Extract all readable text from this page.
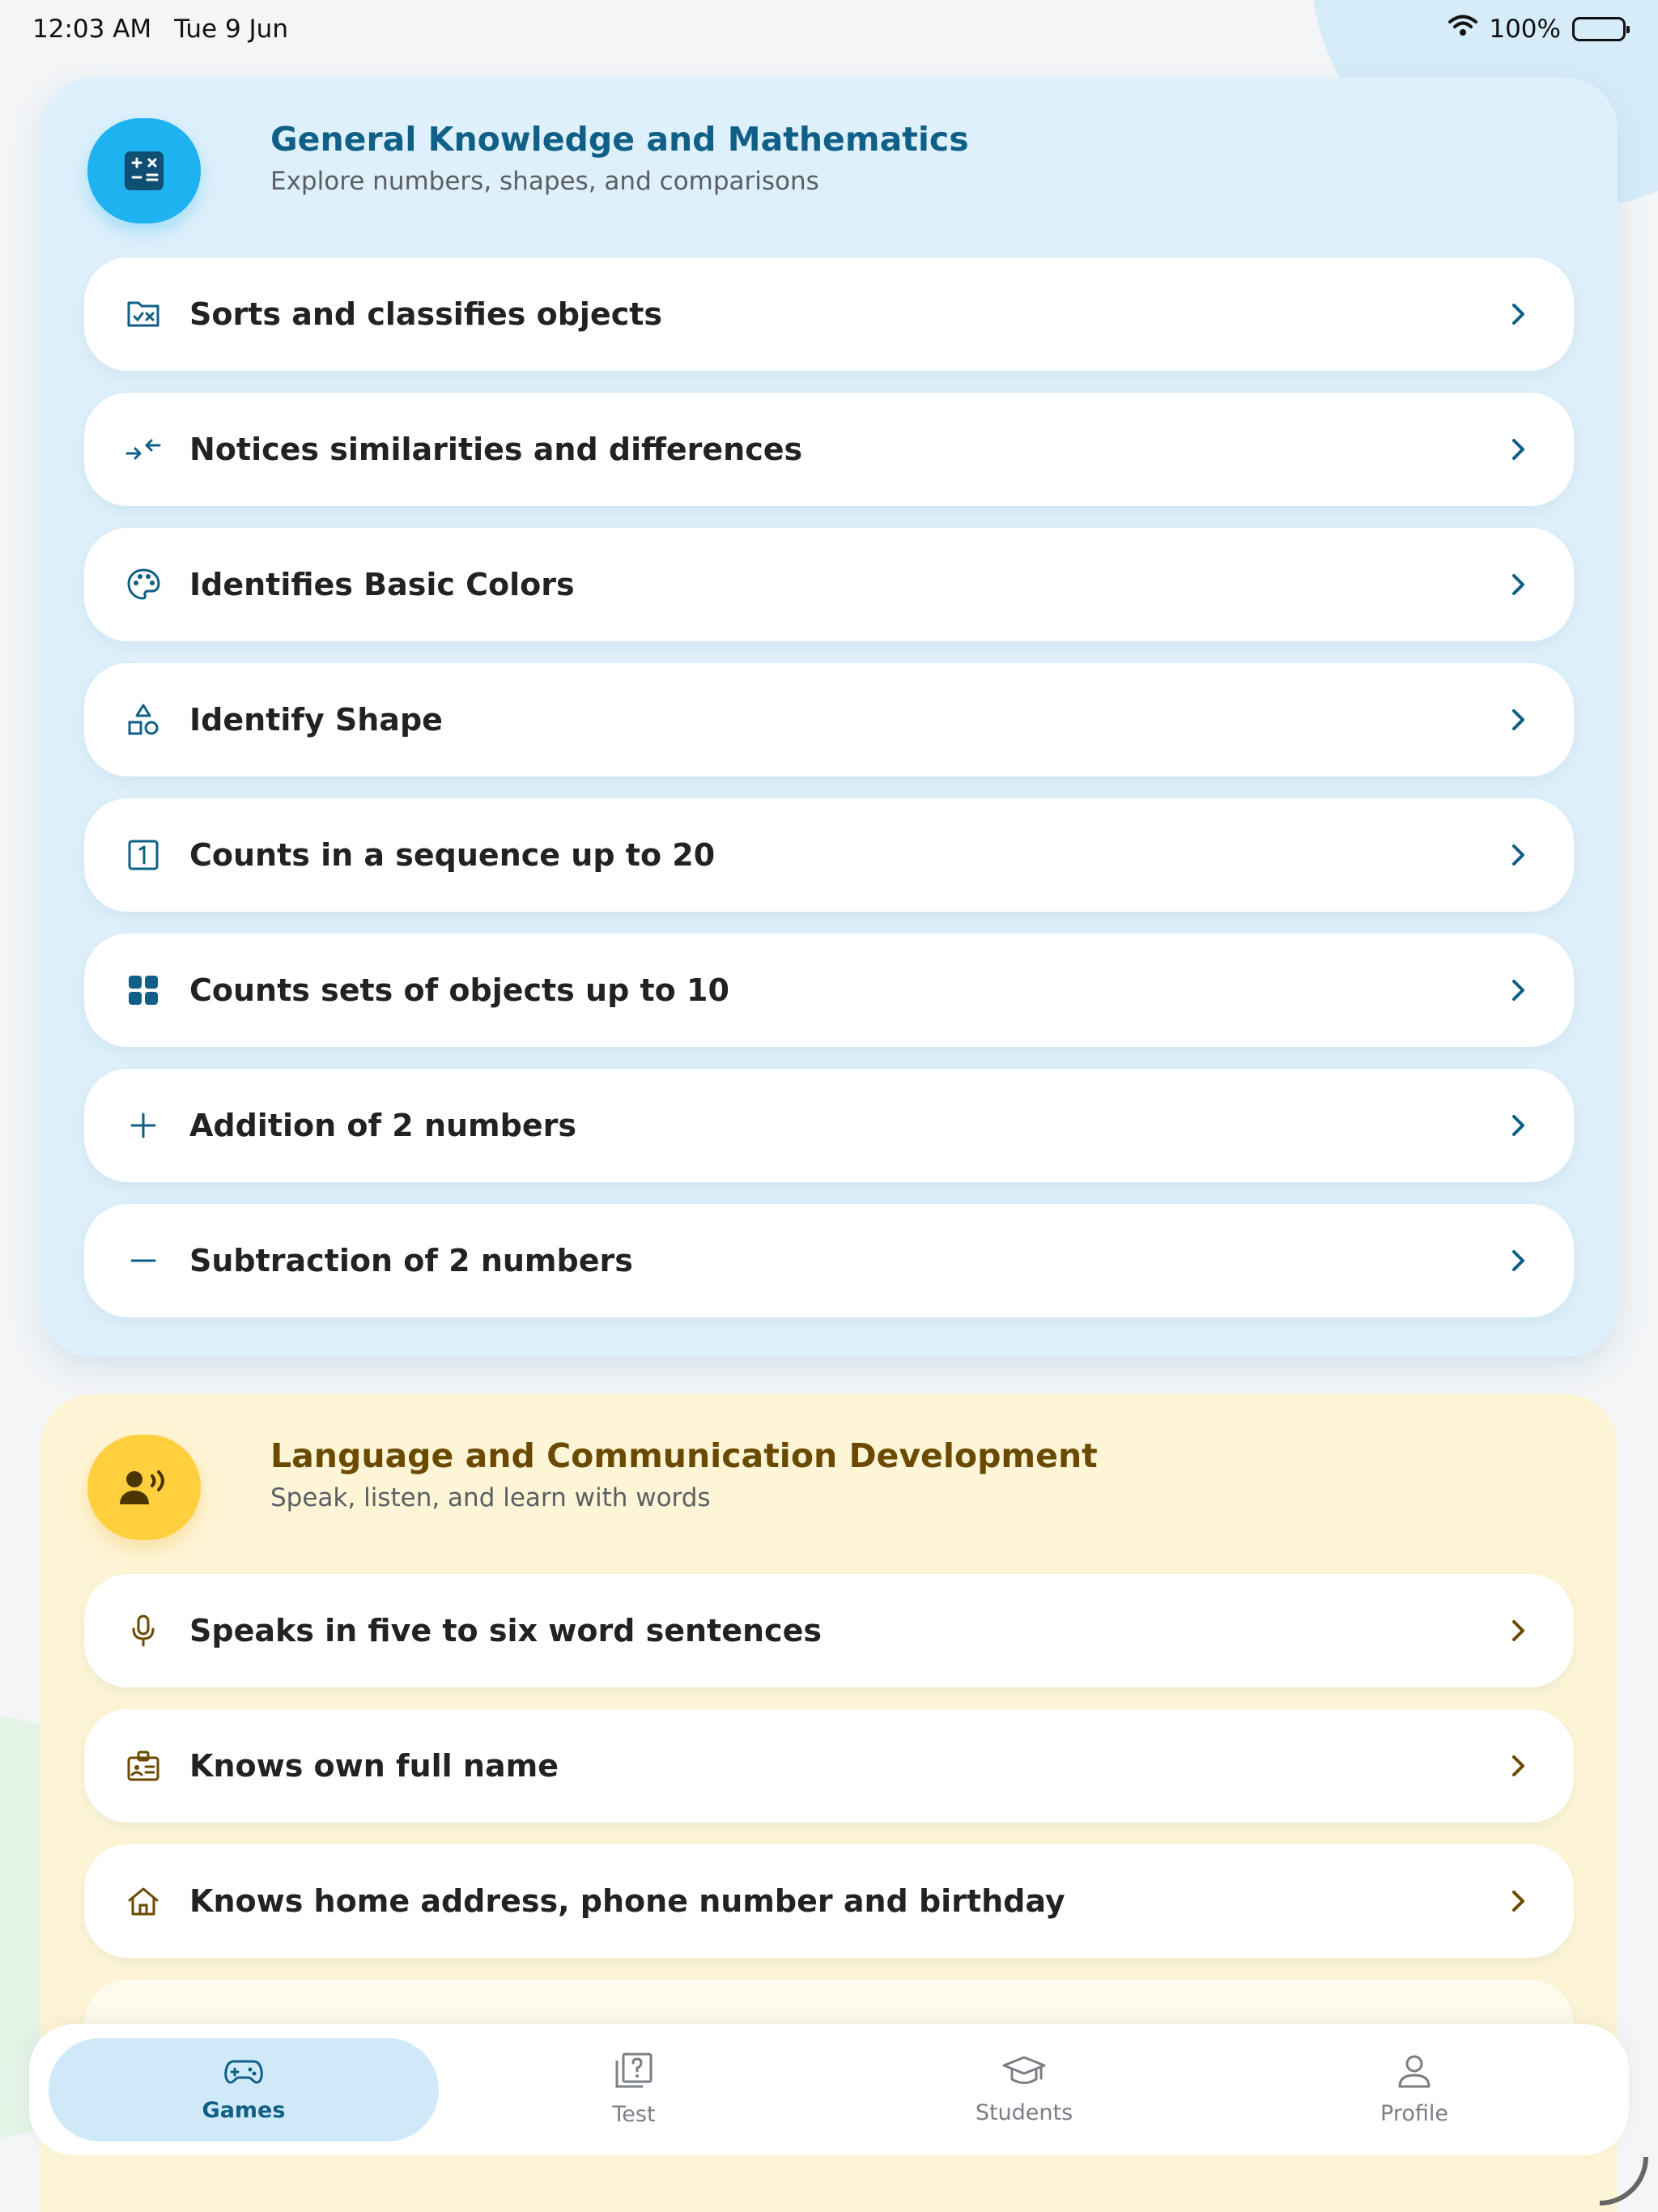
12:03 AM Tue 9 Jun	100%
General Knowledge and Mathematics
Explore numbers, shapes, and comparisons
Sorts and classifies objects
Notices similarities and differences
Identifies Basic Colors
Identify Shape
Counts in a sequence up to 20
Counts sets of objects up to 10
Addition of 2 numbers
Subtraction of 2 numbers
Language and Communication Development
Speak, listen, and learn with words
Speaks in five to six word sentences
Knows own full name
Knows home address, phone number and birthday
Games	Test	Students	Profile
